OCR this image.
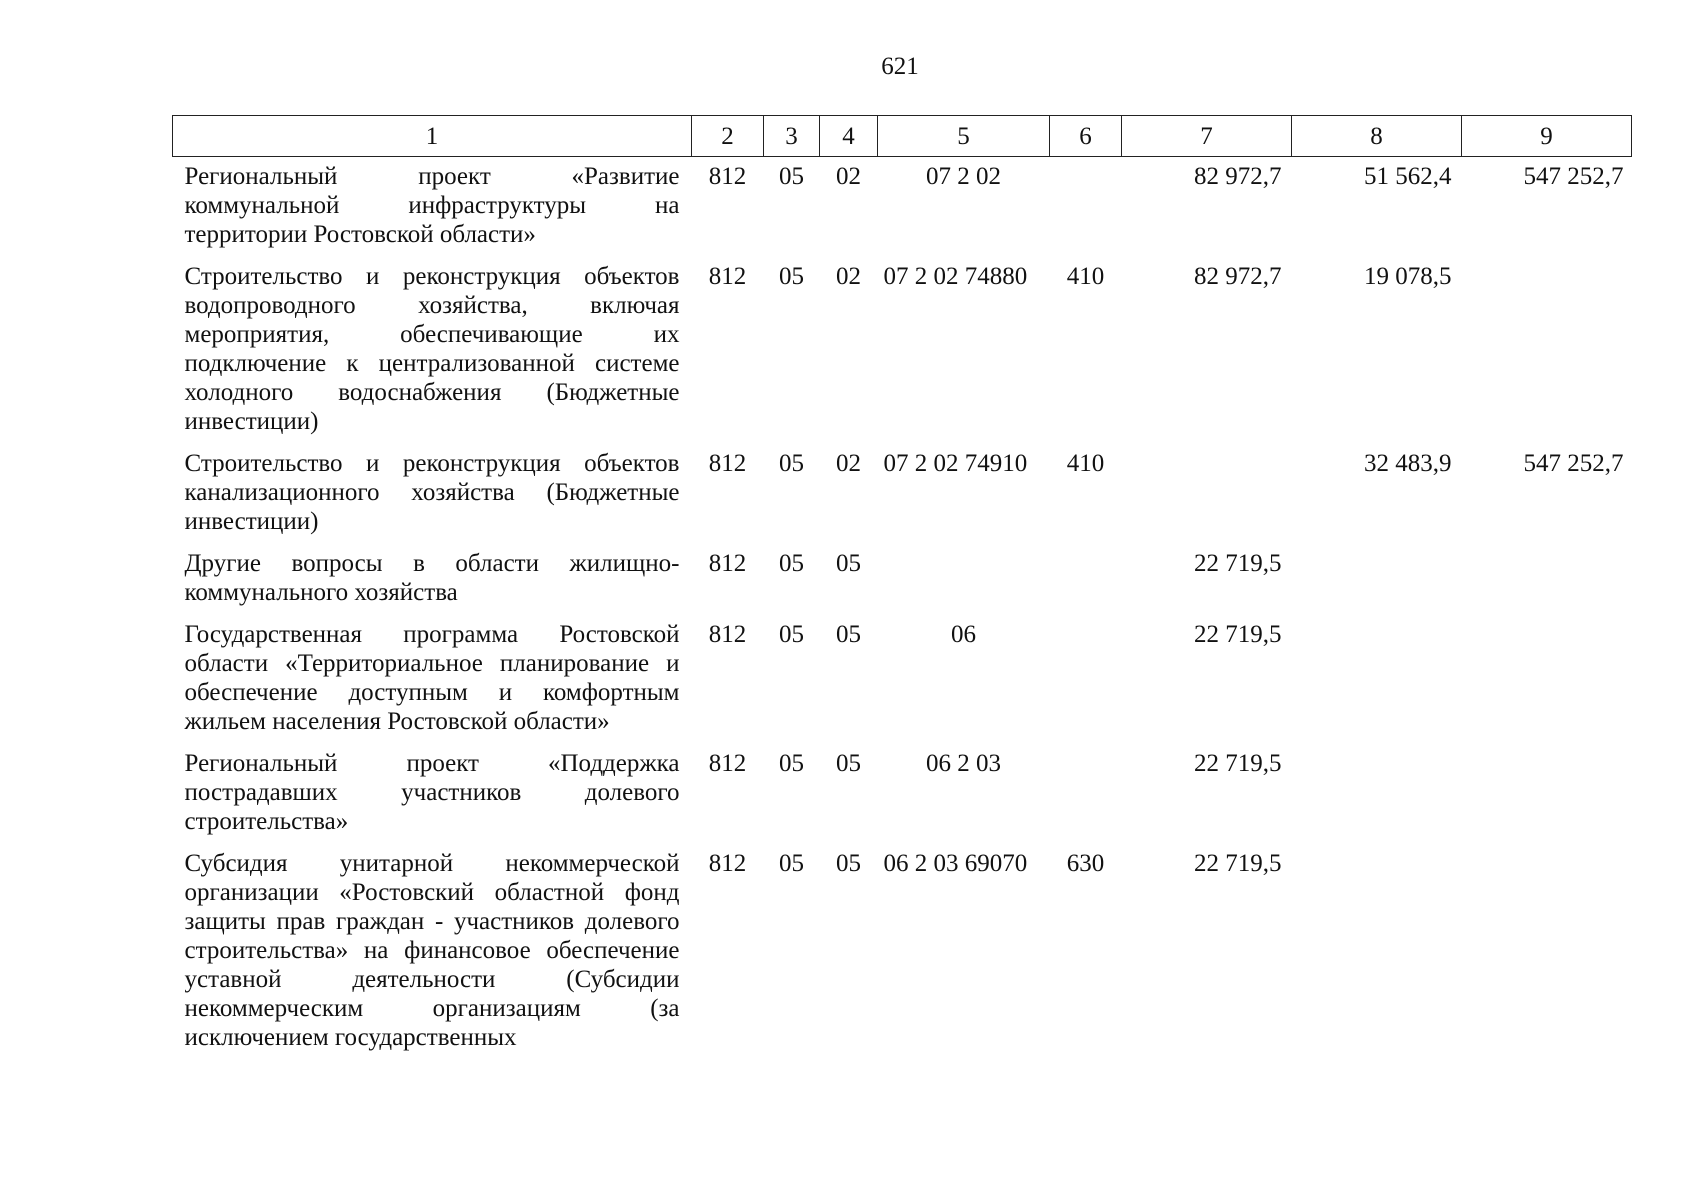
621
1	2	3	4	5	6	7	8	9
Региональный проект «Развитие коммунальной инфраструктуры на территории Ростовской области»	812	05	02	07 2 02		82 972,7	51 562,4	547 252,7
Строительство и реконструкция объектов водопроводного хозяйства, включая мероприятия, обеспечивающие их подключение к централизованной системе холодного водоснабжения (Бюджетные инвестиции)	812	05	02	07 2 02 74880	410	82 972,7	19 078,5	
Строительство и реконструкция объектов канализационного хозяйства (Бюджетные инвестиции)	812	05	02	07 2 02 74910	410		32 483,9	547 252,7
Другие вопросы в области жилищно-коммунального хозяйства	812	05	05			22 719,5		
Государственная программа Ростовской области «Территориальное планирование и обеспечение доступным и комфортным жильем населения Ростовской области»	812	05	05	06		22 719,5		
Региональный проект «Поддержка пострадавших участников долевого строительства»	812	05	05	06 2 03		22 719,5		
Субсидия унитарной некоммерческой организации «Ростовский областной фонд защиты прав граждан - участников долевого строительства» на финансовое обеспечение уставной деятельности (Субсидии некоммерческим организациям (за исключением государственных	812	05	05	06 2 03 69070	630	22 719,5		
